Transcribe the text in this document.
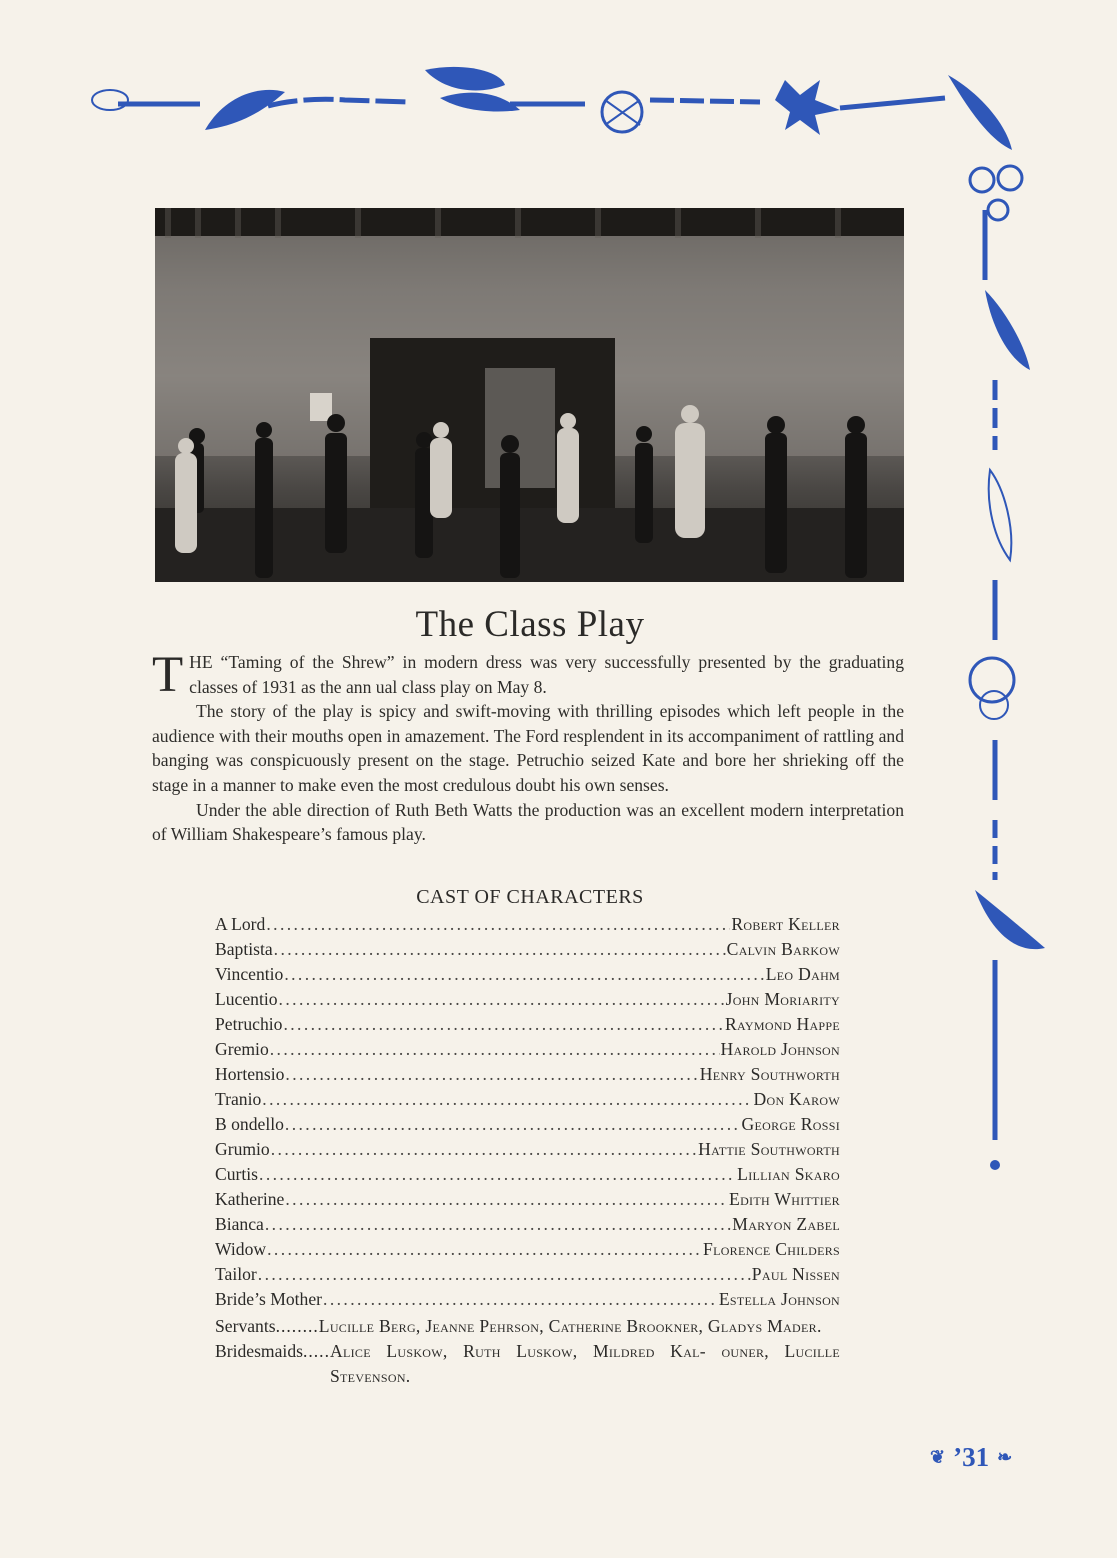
The Class Play

THE “Taming of the Shrew” in modern dress was very successfully presented by the graduating classes of 1931 as the ann ual class play on May 8.

The story of the play is spicy and swift-moving with thrilling episodes which left people in the audience with their mouths open in amazement. The Ford resplendent in its accompaniment of rattling and banging was conspicuously present on the stage. Petruchio seized Kate and bore her shrieking off the stage in a manner to make even the most credulous doubt his own senses.

Under the able direction of Ruth Beth Watts the production was an excellent modern interpretation of William Shakespeare’s famous play.

CAST OF CHARACTERS
A Lord . . .	Robert Keller
Baptista . . .	Calvin Barkow
Vincentio . . .	Leo Dahm
Lucentio . . .	John Moriarity
Petruchio . . .	Raymond Happe
Gremio . . .	Harold Johnson
Hortensio . . .	Henry Southworth
Tranio . . .	Don Karow
B ondello . . .	George Rossi
Grumio . . .	Hattie Southworth
Curtis . . .	Lillian Skaro
Katherine . . .	Edith Whittier
Bianca . . .	Maryon Zabel
Widow . . .	Florence Childers
Tailor . . .	Paul Nissen
Bride’s Mother . . .	Estella Johnson
Servants ........ Lucille Berg, Jeanne Pehrson, Catherine Brookner, Gladys Mader.
Bridesmaids ..... Alice Luskow, Ruth Luskow, Mildred Kal- ouner, Lucille Stevenson.
❦ ’31 ❧
